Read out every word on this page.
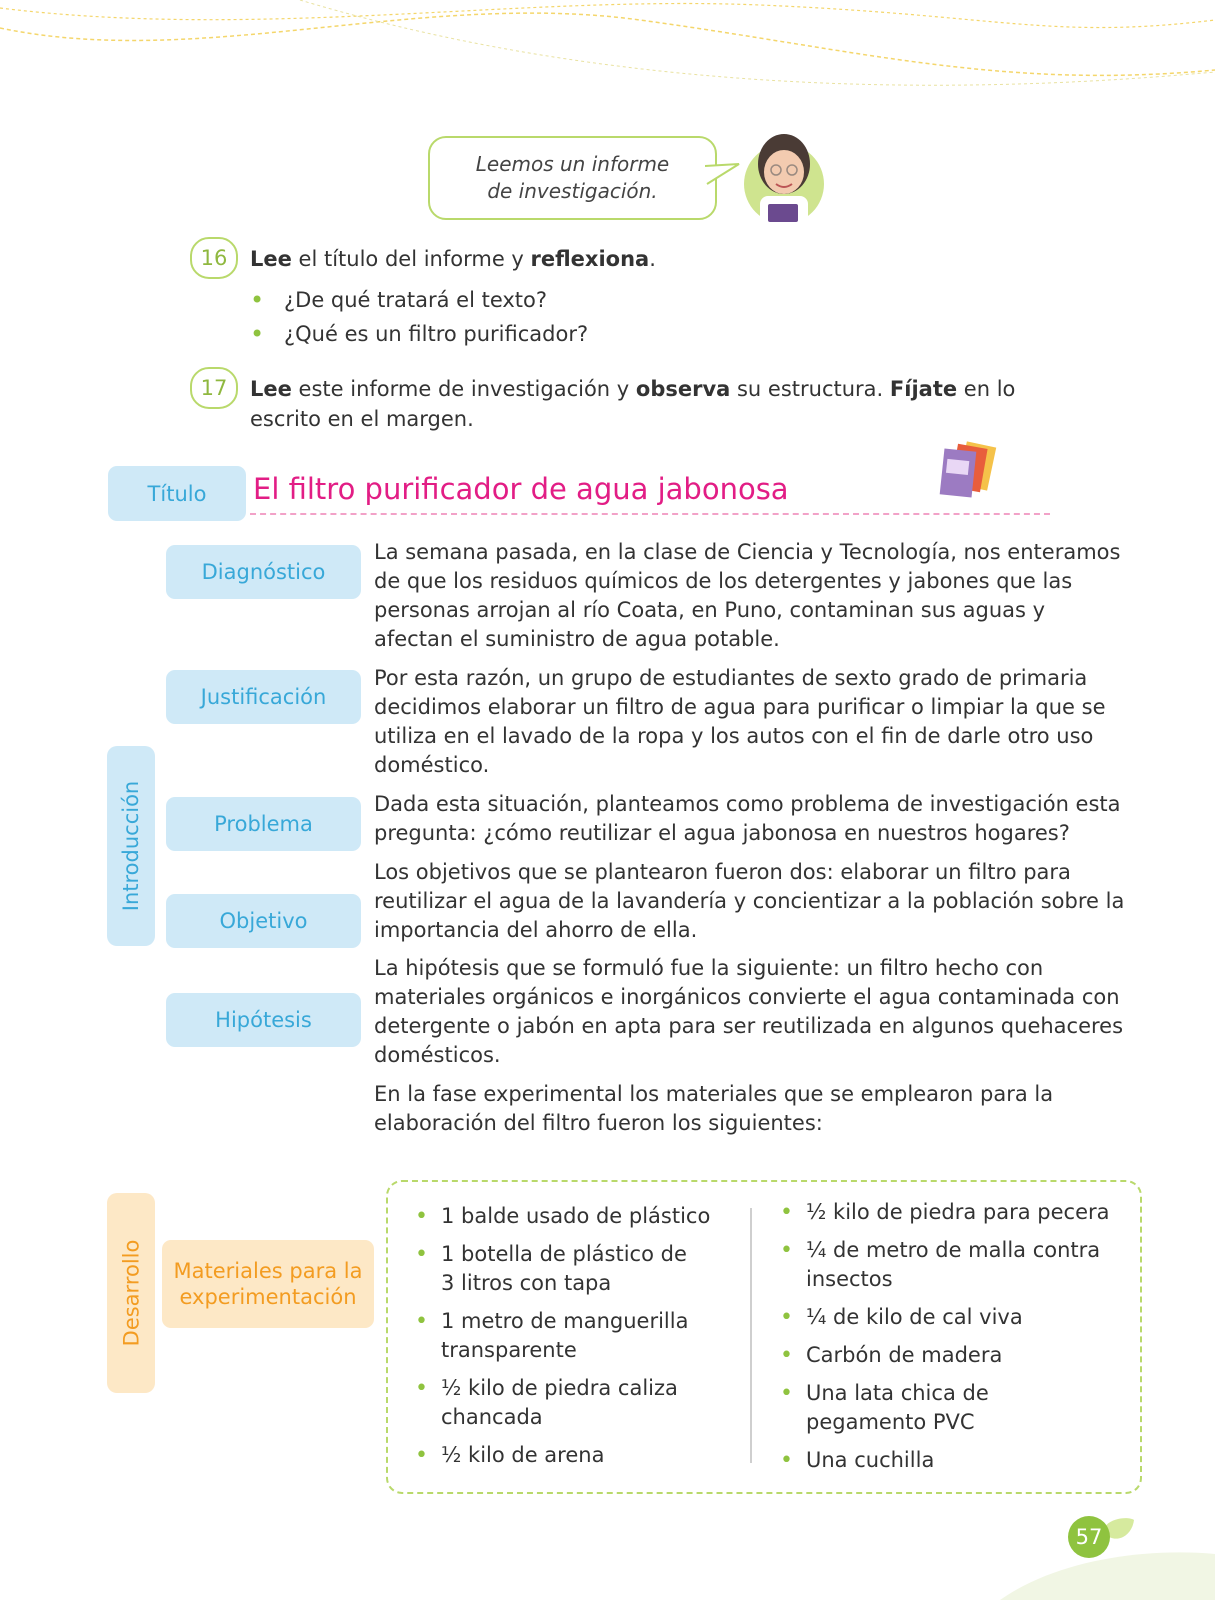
Leemos un informe
de investigación.
16	Lee el título del informe y reflexiona.
• ¿De qué tratará el texto?
• ¿Qué es un filtro purificador?
17	Lee este informe de investigación y observa su estructura. Fíjate en lo
escrito en el margen.
Título	El filtro purificador de agua jabonosa
Introducción
Diagnóstico
Justificación
Problema
Objetivo
Hipótesis
La semana pasada, en la clase de Ciencia y Tecnología, nos enteramos
de que los residuos químicos de los detergentes y jabones que las
personas arrojan al río Coata, en Puno, contaminan sus aguas y
afectan el suministro de agua potable.
Por esta razón, un grupo de estudiantes de sexto grado de primaria
decidimos elaborar un filtro de agua para purificar o limpiar la que se
utiliza en el lavado de la ropa y los autos con el fin de darle otro uso
doméstico.
Dada esta situación, planteamos como problema de investigación esta
pregunta: ¿cómo reutilizar el agua jabonosa en nuestros hogares?
Los objetivos que se plantearon fueron dos: elaborar un filtro para
reutilizar el agua de la lavandería y concientizar a la población sobre la
importancia del ahorro de ella.
La hipótesis que se formuló fue la siguiente: un filtro hecho con
materiales orgánicos e inorgánicos convierte el agua contaminada con
detergente o jabón en apta para ser reutilizada en algunos quehaceres
domésticos.
En la fase experimental los materiales que se emplearon para la
elaboración del filtro fueron los siguientes:
Desarrollo Materiales para la
experimentación
• 1 balde usado de plástico
• 1 botella de plástico de
3 litros con tapa
• 1 metro de manguerilla
transparente
• ½ kilo de piedra caliza
chancada
• ½ kilo de arena
• ½ kilo de piedra para pecera
• ¼ de metro de malla contra
insectos
• ¼ de kilo de cal viva
• Carbón de madera
• Una lata chica de
pegamento PVC
• Una cuchilla
57
